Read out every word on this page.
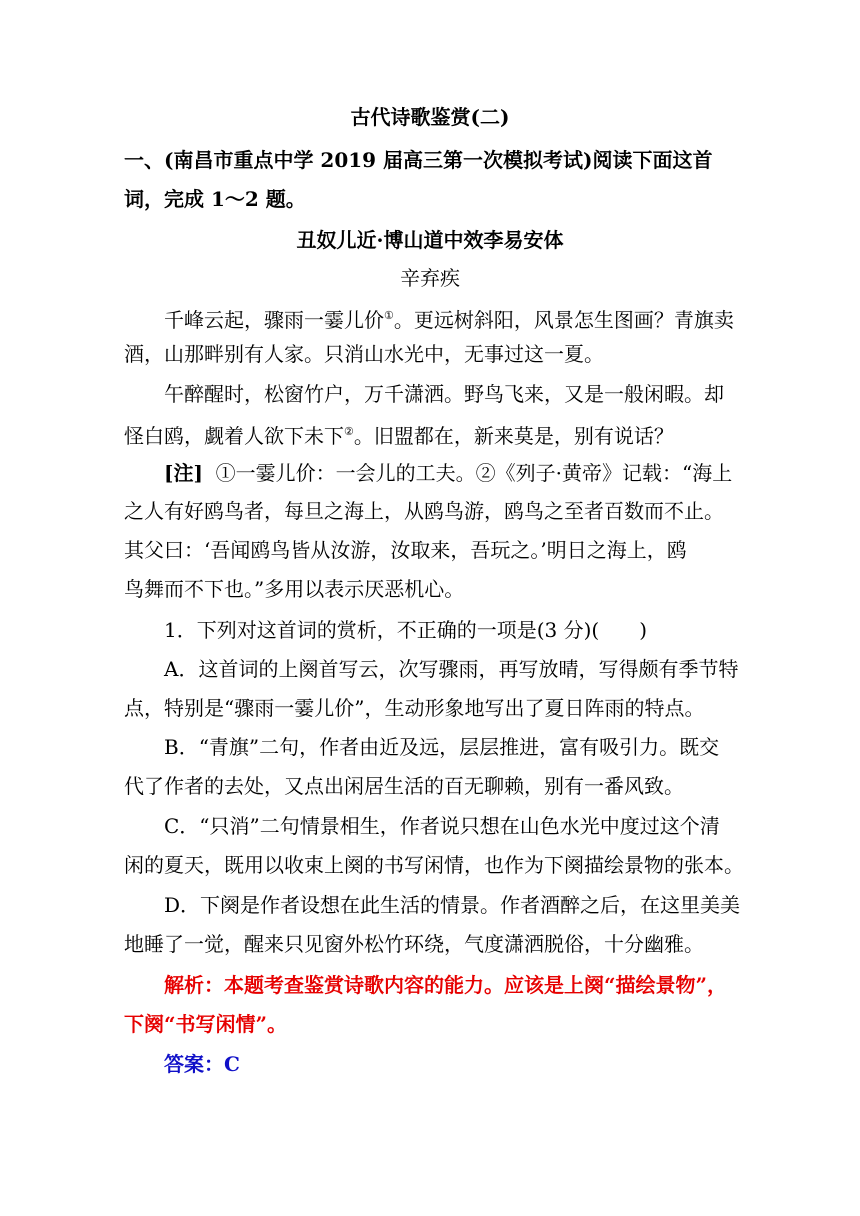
古代诗歌鉴赏(二)
一、(南昌市重点中学 2019 届高三第一次模拟考试)阅读下面这首
词，完成 1～2 题。
丑奴儿近·博山道中效李易安体
辛弃疾
千峰云起，骤雨一霎儿价①。更远树斜阳，风景怎生图画？青旗卖
酒，山那畔别有人家。只消山水光中，无事过这一夏。
午醉醒时，松窗竹户，万千潇洒。野鸟飞来，又是一般闲暇。却
怪白鸥，觑着人欲下未下②。旧盟都在，新来莫是，别有说话？
[注] ①一霎儿价：一会儿的工夫。②《列子·黄帝》记载：“海上
之人有好鸥鸟者，每旦之海上，从鸥鸟游，鸥鸟之至者百数而不止。
其父曰：‘吾闻鸥鸟皆从汝游，汝取来，吾玩之。’明日之海上，鸥
鸟舞而不下也。”多用以表示厌恶机心。
1．下列对这首词的赏析，不正确的一项是(3 分)(　　)
A．这首词的上阕首写云，次写骤雨，再写放晴，写得颇有季节特
点，特别是“骤雨一霎儿价”，生动形象地写出了夏日阵雨的特点。
B．“青旗”二句，作者由近及远，层层推进，富有吸引力。既交
代了作者的去处，又点出闲居生活的百无聊赖，别有一番风致。
C．“只消”二句情景相生，作者说只想在山色水光中度过这个清
闲的夏天，既用以收束上阕的书写闲情，也作为下阕描绘景物的张本。
D．下阕是作者设想在此生活的情景。作者酒醉之后，在这里美美
地睡了一觉，醒来只见窗外松竹环绕，气度潇洒脱俗，十分幽雅。
解析：本题考查鉴赏诗歌内容的能力。应该是上阕“描绘景物”，
下阕“书写闲情”。
答案：C
